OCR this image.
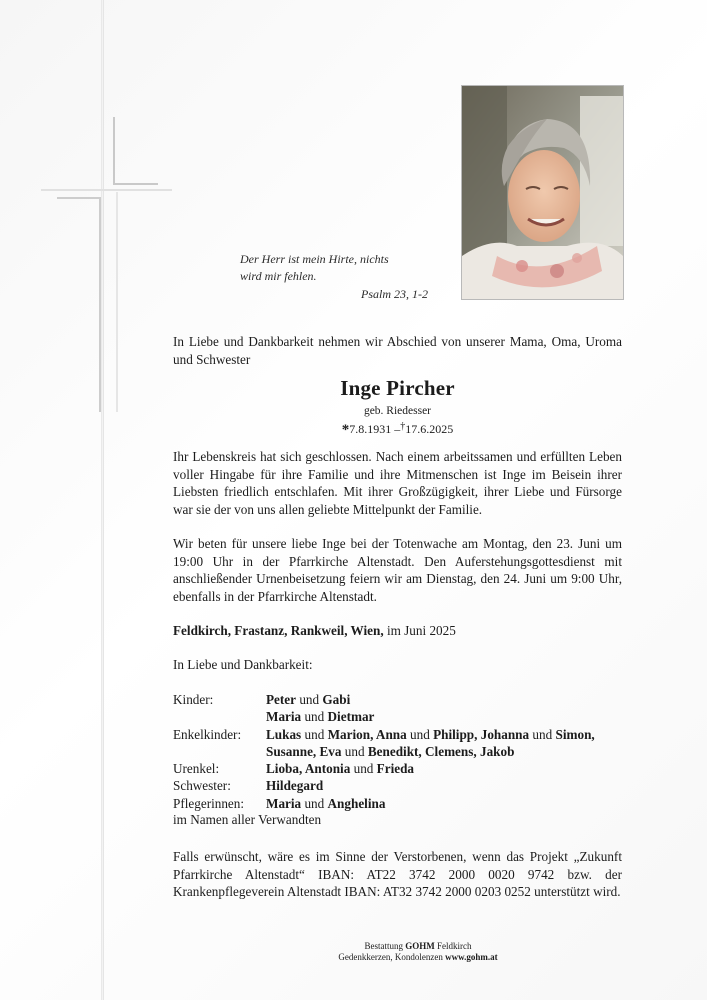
Der Herr ist mein Hirte, nichts
wird mir fehlen.
Psalm 23, 1-2
In Liebe und Dankbarkeit nehmen wir Abschied von unserer Mama, Oma, Uroma und Schwester
Inge Pircher
geb. Riedesser
*7.8.1931 –†17.6.2025
Ihr Lebenskreis hat sich geschlossen. Nach einem arbeitssamen und erfüllten Leben voller Hingabe für ihre Familie und ihre Mitmenschen ist Inge im Beisein ihrer Liebsten friedlich entschlafen. Mit ihrer Großzügigkeit, ihrer Liebe und Fürsorge war sie der von uns allen geliebte Mittelpunkt der Familie.
Wir beten für unsere liebe Inge bei der Totenwache am Montag, den 23. Juni um 19:00 Uhr in der Pfarrkirche Altenstadt. Den Auferstehungsgottesdienst mit anschließender Urnenbeisetzung feiern wir am Dienstag, den 24. Juni um 9:00 Uhr, ebenfalls in der Pfarrkirche Altenstadt.
Feldkirch, Frastanz, Rankweil, Wien, im Juni 2025
In Liebe und Dankbarkeit:
Kinder:	Peter und Gabi
Maria und Dietmar
Enkelkinder:	Lukas und Marion, Anna und Philipp, Johanna und Simon,
Susanne, Eva und Benedikt, Clemens, Jakob
Urenkel:	Lioba, Antonia und Frieda
Schwester:	Hildegard
Pflegerinnen:	Maria und Anghelina
im Namen aller Verwandten
Falls erwünscht, wäre es im Sinne der Verstorbenen, wenn das Projekt „Zukunft Pfarrkirche Altenstadt“ IBAN: AT22 3742 2000 0020 9742 bzw. der Krankenpflegeverein Altenstadt IBAN: AT32 3742 2000 0203 0252 unterstützt wird.
Bestattung GOHM Feldkirch
Gedenkkerzen, Kondolenzen www.gohm.at
